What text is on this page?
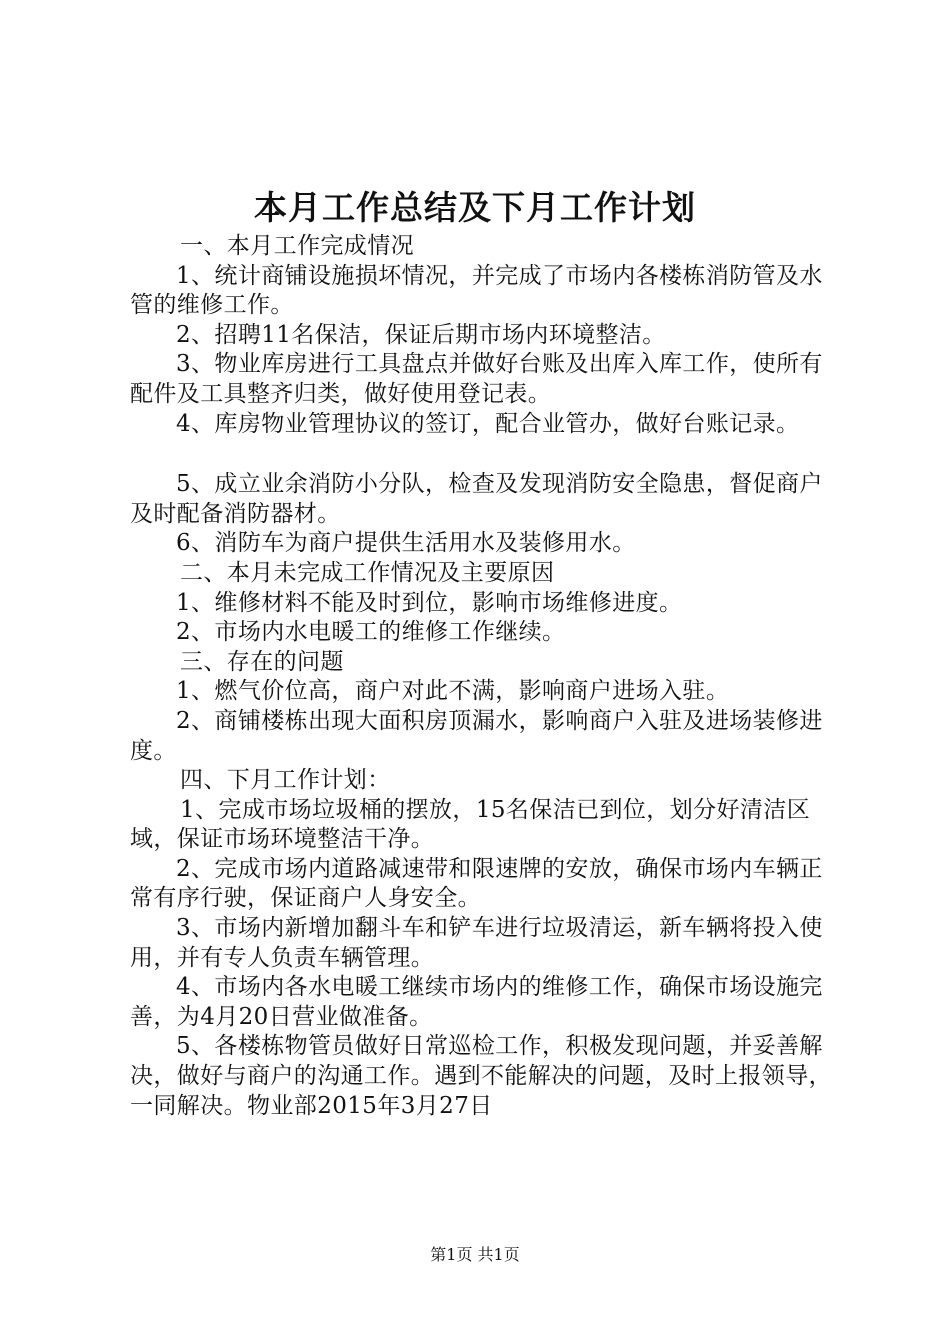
本月工作总结及下月工作计划

一、本月工作完成情况

1、统计商铺设施损坏情况，并完成了市场内各楼栋消防管及水管的维修工作。

2、招聘11名保洁，保证后期市场内环境整洁。

3、物业库房进行工具盘点并做好台账及出库入库工作，使所有配件及工具整齐归类，做好使用登记表。

4、库房物业管理协议的签订，配合业管办，做好台账记录。

5、成立业余消防小分队，检查及发现消防安全隐患，督促商户及时配备消防器材。

6、消防车为商户提供生活用水及装修用水。

二、本月未完成工作情况及主要原因

1、维修材料不能及时到位，影响市场维修进度。

2、市场内水电暖工的维修工作继续。

三、存在的问题

1、燃气价位高，商户对此不满，影响商户进场入驻。

2、商铺楼栋出现大面积房顶漏水，影响商户入驻及进场装修进度。

四、下月工作计划：

1、完成市场垃圾桶的摆放，15名保洁已到位，划分好清洁区域，保证市场环境整洁干净。

2、完成市场内道路减速带和限速牌的安放，确保市场内车辆正常有序行驶，保证商户人身安全。

3、市场内新增加翻斗车和铲车进行垃圾清运，新车辆将投入使用，并有专人负责车辆管理。

4、市场内各水电暖工继续市场内的维修工作，确保市场设施完善，为4月20日营业做准备。

5、各楼栋物管员做好日常巡检工作，积极发现问题，并妥善解决，做好与商户的沟通工作。遇到不能解决的问题，及时上报领导，一同解决。物业部2015年3月27日

第1页 共1页
